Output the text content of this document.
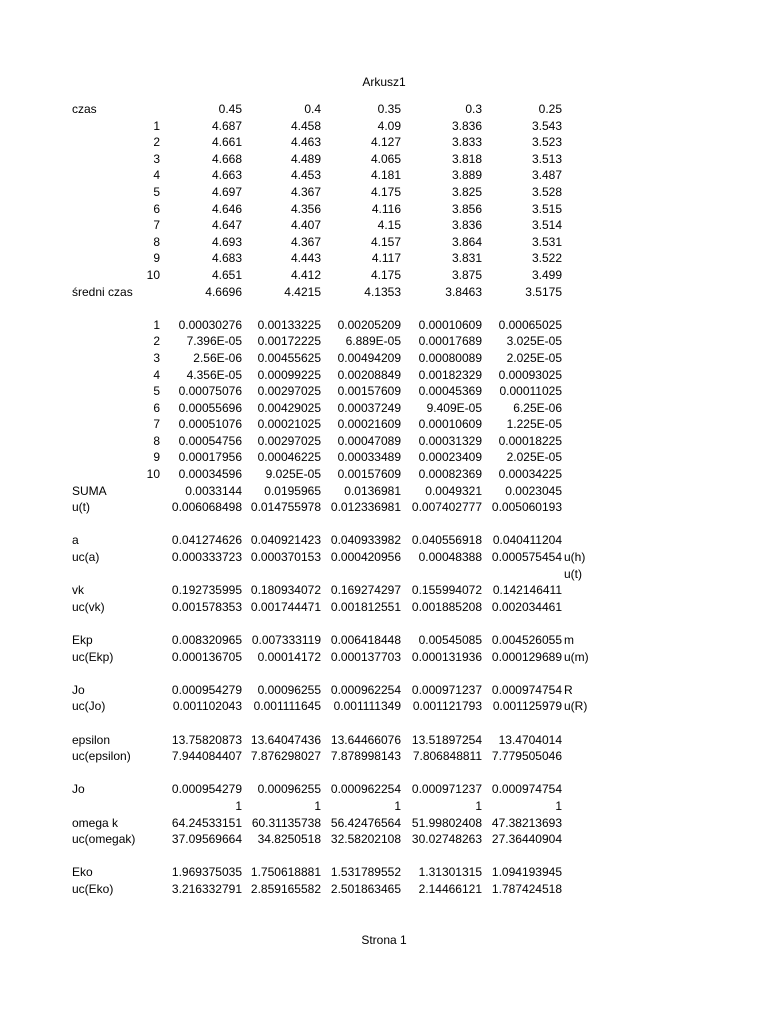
Arkusz1
czas	0.45	0.4	0.35	0.3	0.25
1	4.687	4.458	4.09	3.836	3.543
2	4.661	4.463	4.127	3.833	3.523
3	4.668	4.489	4.065	3.818	3.513
4	4.663	4.453	4.181	3.889	3.487
5	4.697	4.367	4.175	3.825	3.528
6	4.646	4.356	4.116	3.856	3.515
7	4.647	4.407	4.15	3.836	3.514
8	4.693	4.367	4.157	3.864	3.531
9	4.683	4.443	4.117	3.831	3.522
10	4.651	4.412	4.175	3.875	3.499
średni czas	4.6696	4.4215	4.1353	3.8463	3.5175
1	0.00030276	0.00133225	0.00205209	0.00010609	0.00065025
2	7.396E-05	0.00172225	6.889E-05	0.00017689	3.025E-05
3	2.56E-06	0.00455625	0.00494209	0.00080089	2.025E-05
4	4.356E-05	0.00099225	0.00208849	0.00182329	0.00093025
5	0.00075076	0.00297025	0.00157609	0.00045369	0.00011025
6	0.00055696	0.00429025	0.00037249	9.409E-05	6.25E-06
7	0.00051076	0.00021025	0.00021609	0.00010609	1.225E-05
8	0.00054756	0.00297025	0.00047089	0.00031329	0.00018225
9	0.00017956	0.00046225	0.00033489	0.00023409	2.025E-05
10	0.00034596	9.025E-05	0.00157609	0.00082369	0.00034225
SUMA	0.0033144	0.0195965	0.0136981	0.0049321	0.0023045
u(t)	0.006068498 0.014755978 0.012336981 0.007402777 0.005060193
a	0.041274626 0.040921423 0.040933982 0.040556918 0.040411204
uc(a)	0.000333723 0.000370153 0.000420956	0.00048388 0.000575454 u(h)
u(t)
vk	0.192735995 0.180934072 0.169274297 0.155994072 0.142146411
uc(vk)	0.001578353 0.001744471 0.001812551 0.001885208 0.002034461
Ekp	0.008320965 0.007333119 0.006418448	0.00545085 0.004526055 m
uc(Ekp)	0.000136705	0.00014172 0.000137703 0.000131936 0.000129689 u(m)
Jo	0.000954279	0.00096255 0.000962254 0.000971237 0.000974754 R
uc(Jo)	0.001102043 0.001111645	0.001111349 0.001121793 0.001125979 u(R)
epsilon	13.75820873 13.64047436 13.64466076 13.51897254	13.4704014
uc(epsilon)	7.944084407 7.876298027 7.878998143 7.806848811 7.779505046
Jo	0.000954279	0.00096255 0.000962254 0.000971237 0.000974754
1	1	1	1	1
omega k	64.24533151 60.31135738 56.42476564 51.99802408 47.38213693
uc(omegak)	37.09569664	34.8250518 32.58202108 30.02748263 27.36440904
Eko	1.969375035 1.750618881 1.531789552	1.31301315 1.094193945
uc(Eko)	3.216332791 2.859165582 2.501863465	2.14466121 1.787424518
Strona 1
